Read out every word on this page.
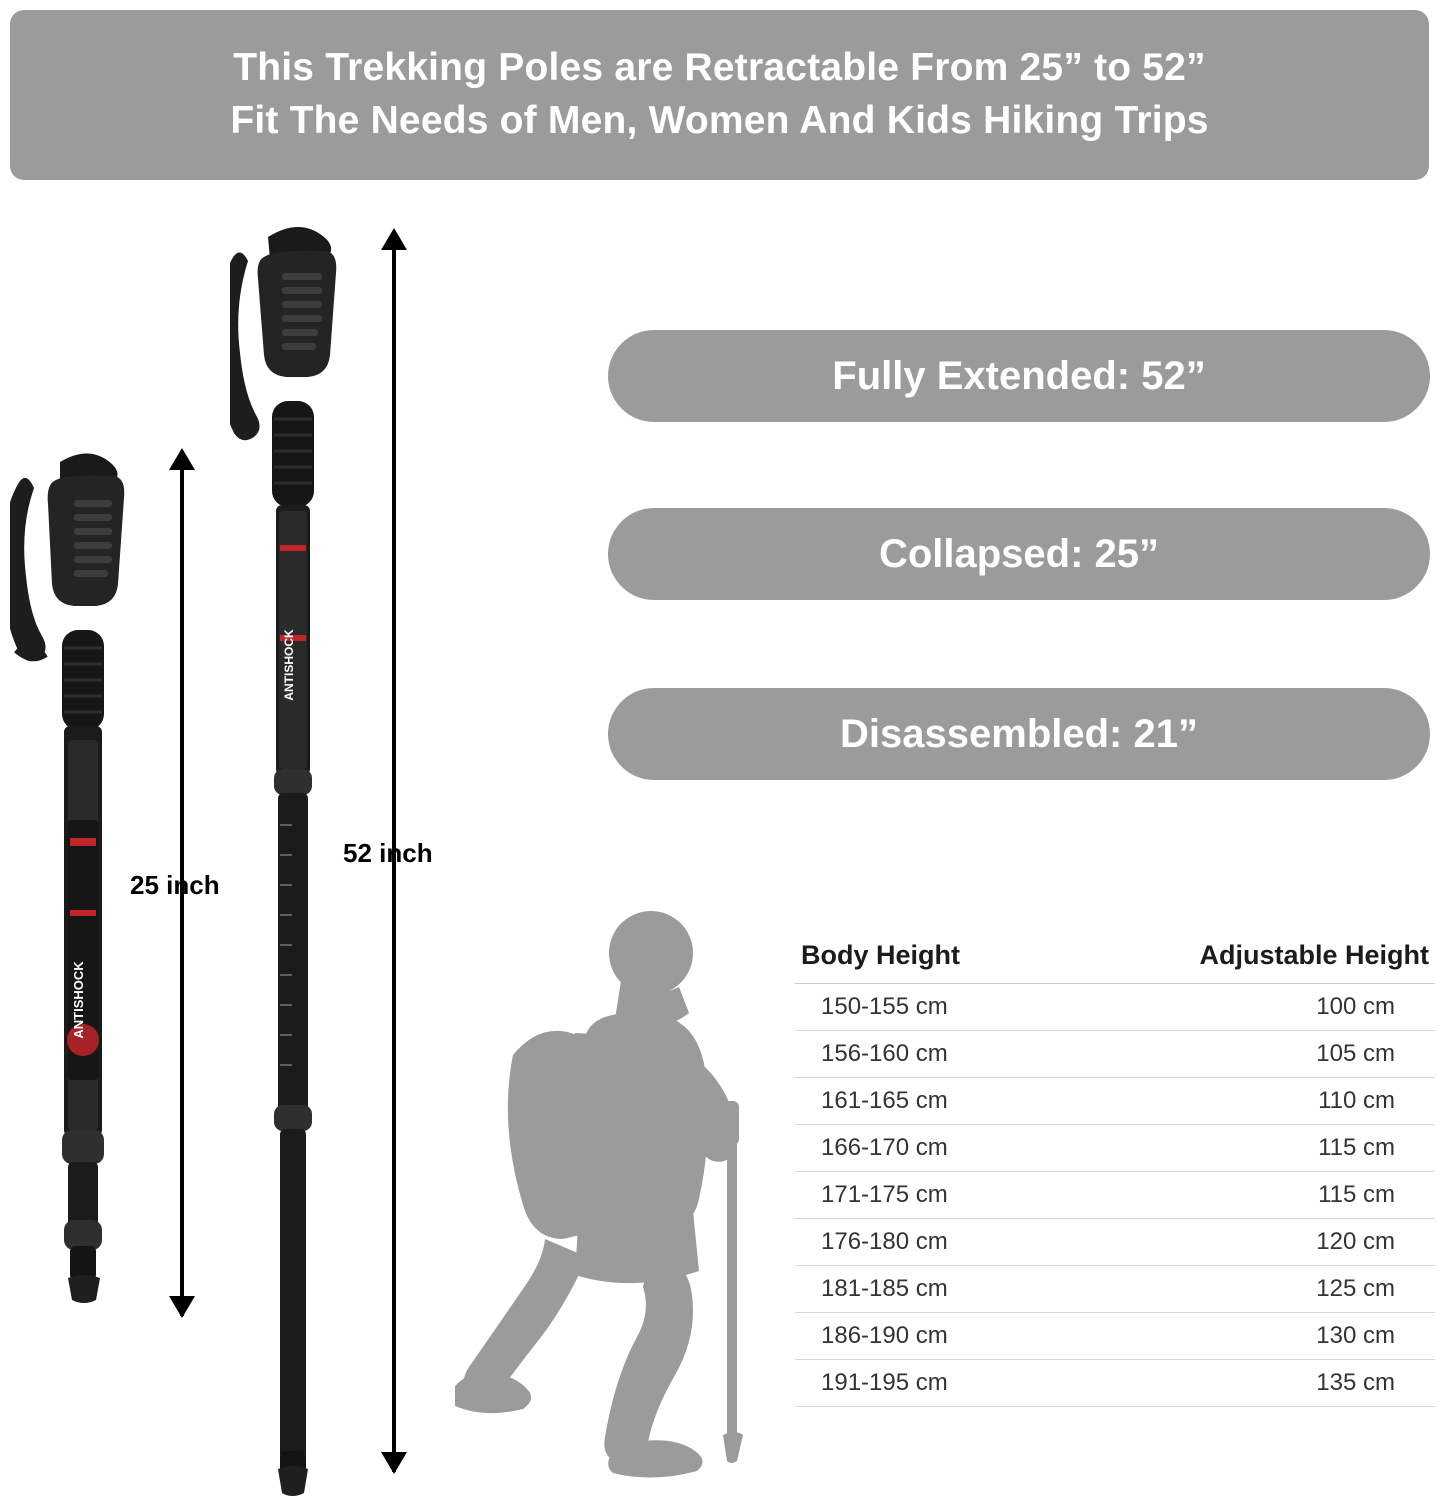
This Trekking Poles are Retractable From 25” to 52”
Fit The Needs of Men, Women And Kids Hiking Trips
Fully Extended: 52”
Collapsed: 25”
Disassembled: 21”
ANTISHOCK
25 inch
ANTISHOCK
52 inch
Body Height	Adjustable Height
150-155 cm	100 cm
156-160 cm	105 cm
161-165 cm	110 cm
166-170 cm	115 cm
171-175 cm	115 cm
176-180 cm	120 cm
181-185 cm	125 cm
186-190 cm	130 cm
191-195 cm	135 cm
